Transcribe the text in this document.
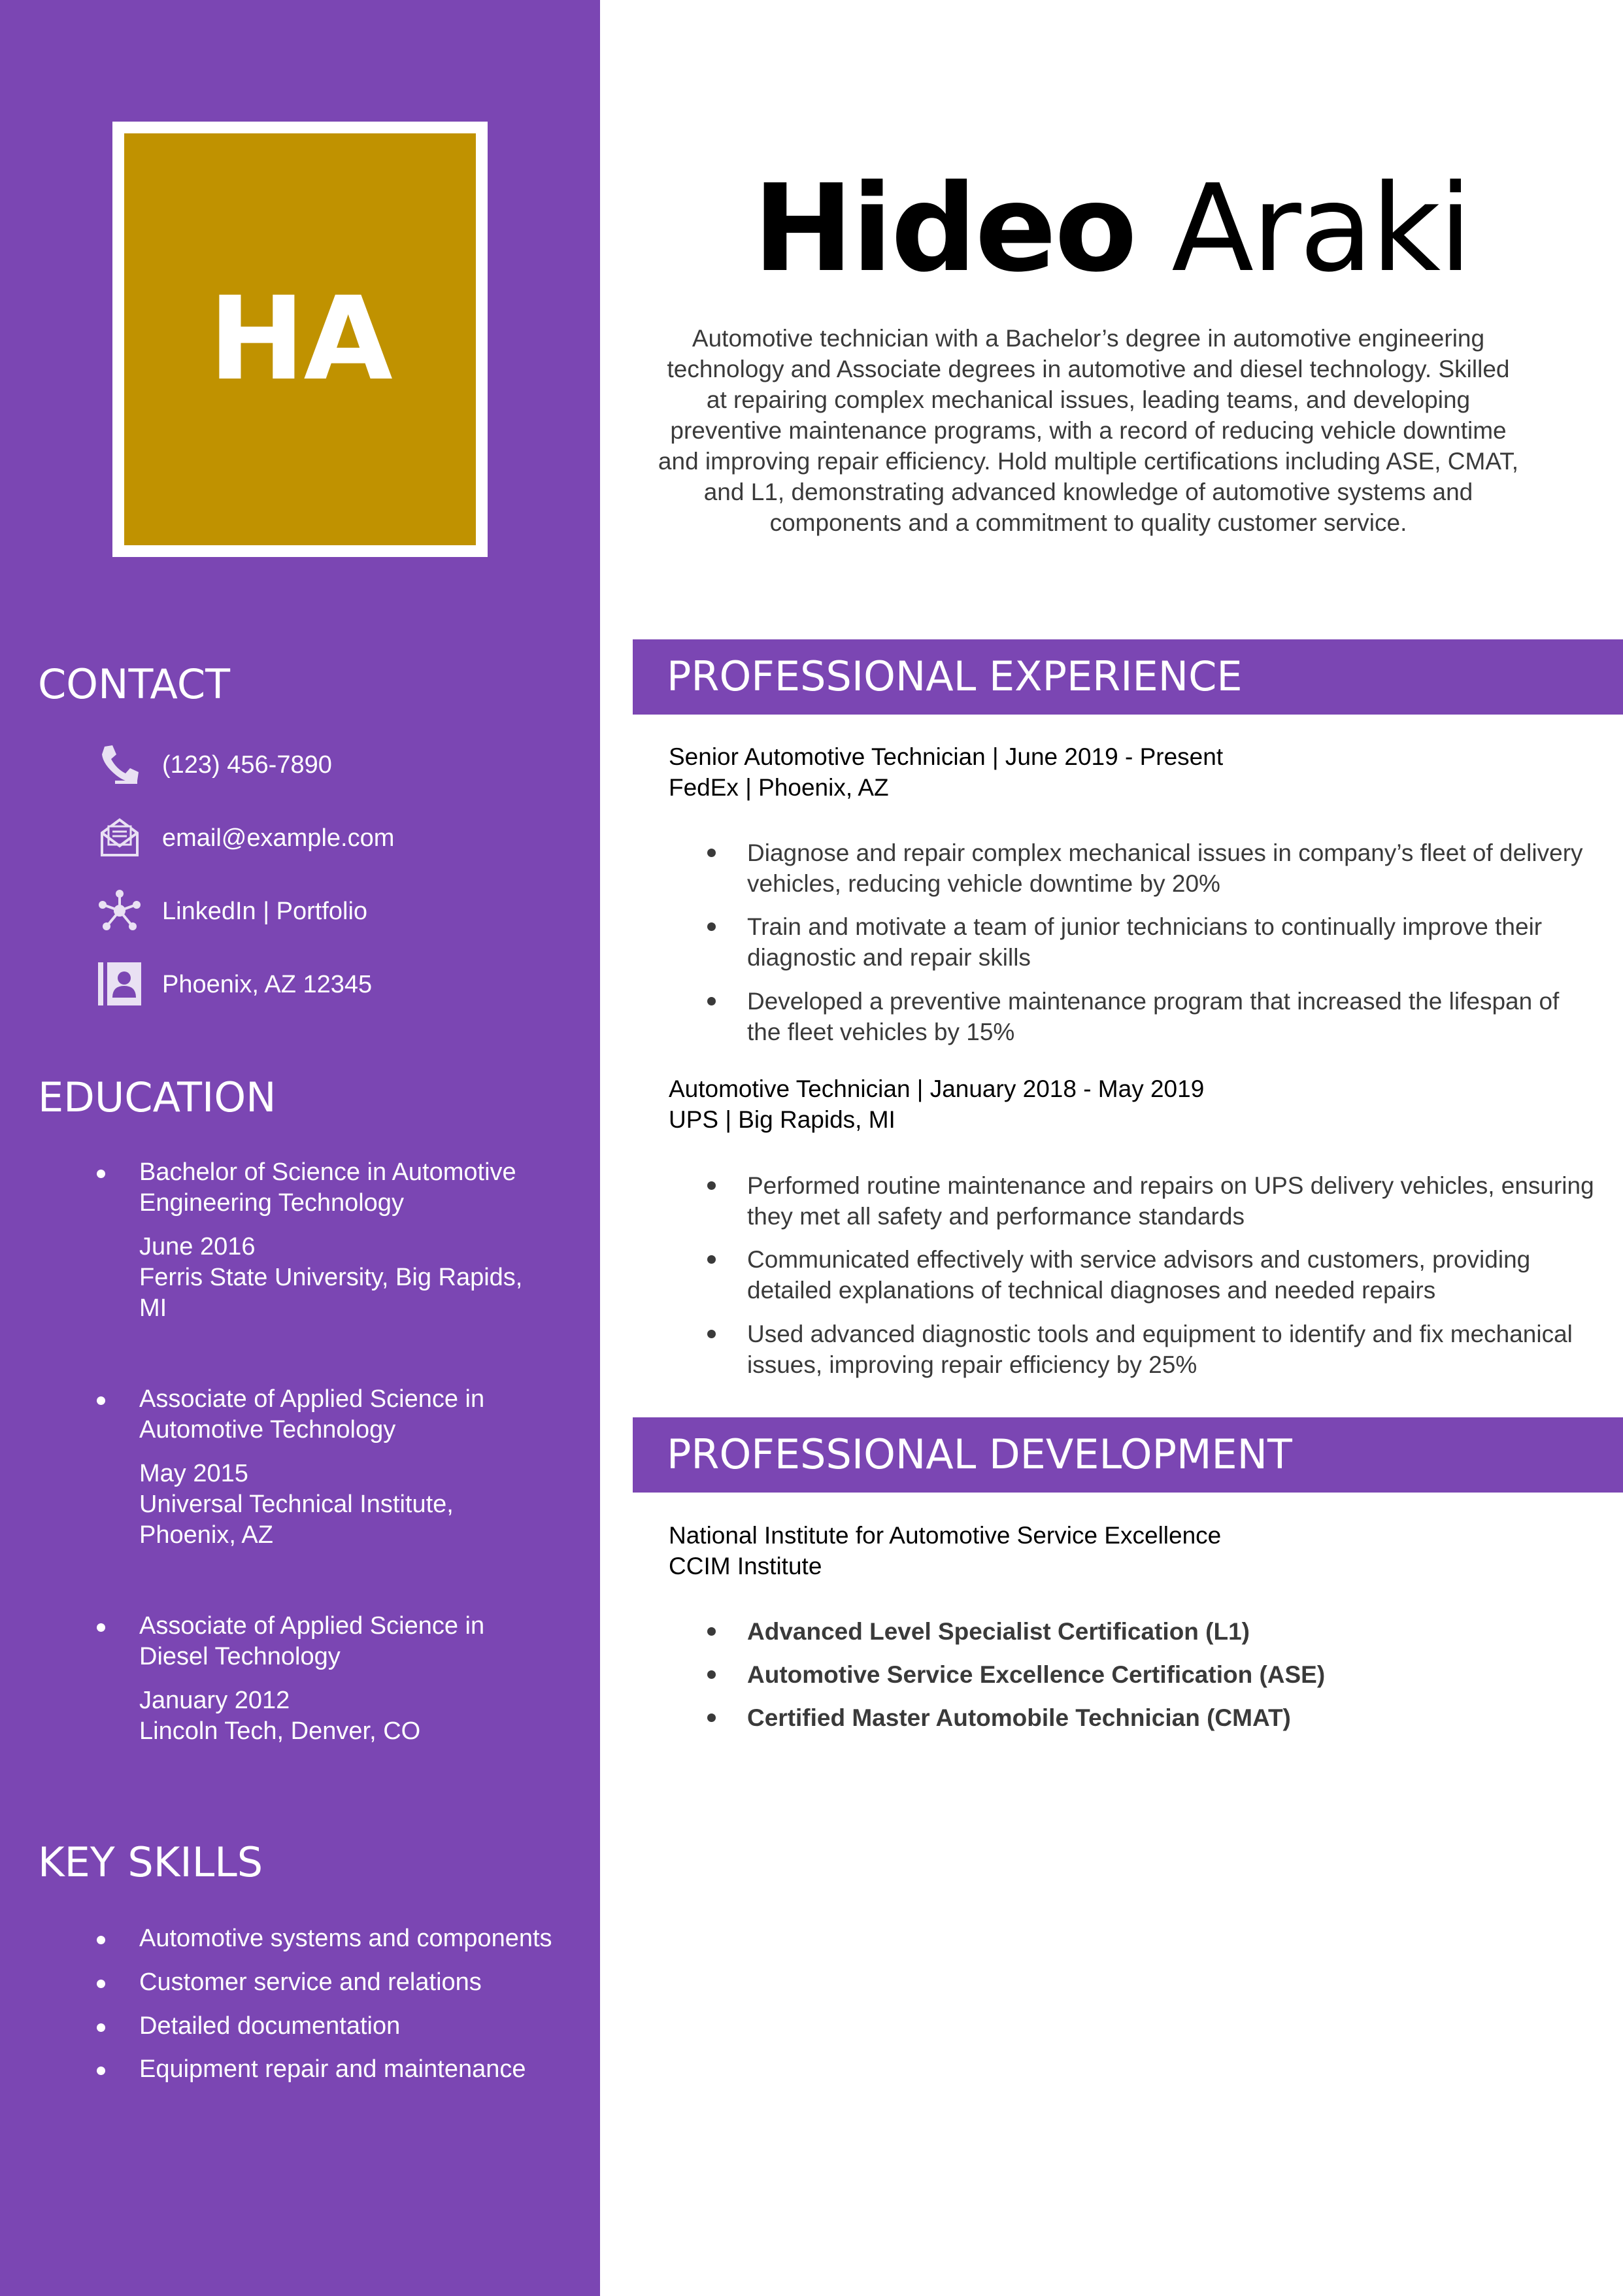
HA
CONTACT
(123) 456-7890
email@example.com
LinkedIn | Portfolio
Phoenix, AZ 12345
EDUCATION
Bachelor of Science in Automotive Engineering Technology
June 2016
Ferris State University, Big Rapids, MI
Associate of Applied Science in Automotive Technology
May 2015
Universal Technical Institute, Phoenix, AZ
Associate of Applied Science in Diesel Technology
January 2012
Lincoln Tech, Denver, CO
KEY SKILLS
Automotive systems and components
Customer service and relations
Detailed documentation
Equipment repair and maintenance
Hideo Araki
Automotive technician with a Bachelor’s degree in automotive engineering technology and Associate degrees in automotive and diesel technology. Skilled at repairing complex mechanical issues, leading teams, and developing preventive maintenance programs, with a record of reducing vehicle downtime and improving repair efficiency. Hold multiple certifications including ASE, CMAT, and L1, demonstrating advanced knowledge of automotive systems and components and a commitment to quality customer service.
PROFESSIONAL EXPERIENCE
Senior Automotive Technician | June 2019 - Present
FedEx | Phoenix, AZ
Diagnose and repair complex mechanical issues in company’s fleet of delivery vehicles, reducing vehicle downtime by 20%
Train and motivate a team of junior technicians to continually improve their diagnostic and repair skills
Developed a preventive maintenance program that increased the lifespan of the fleet vehicles by 15%
Automotive Technician | January 2018 - May 2019
UPS | Big Rapids, MI
Performed routine maintenance and repairs on UPS delivery vehicles, ensuring they met all safety and performance standards
Communicated effectively with service advisors and customers, providing detailed explanations of technical diagnoses and needed repairs
Used advanced diagnostic tools and equipment to identify and fix mechanical issues, improving repair efficiency by 25%
PROFESSIONAL DEVELOPMENT
National Institute for Automotive Service Excellence
CCIM Institute
Advanced Level Specialist Certification (L1)
Automotive Service Excellence Certification (ASE)
Certified Master Automobile Technician (CMAT)
